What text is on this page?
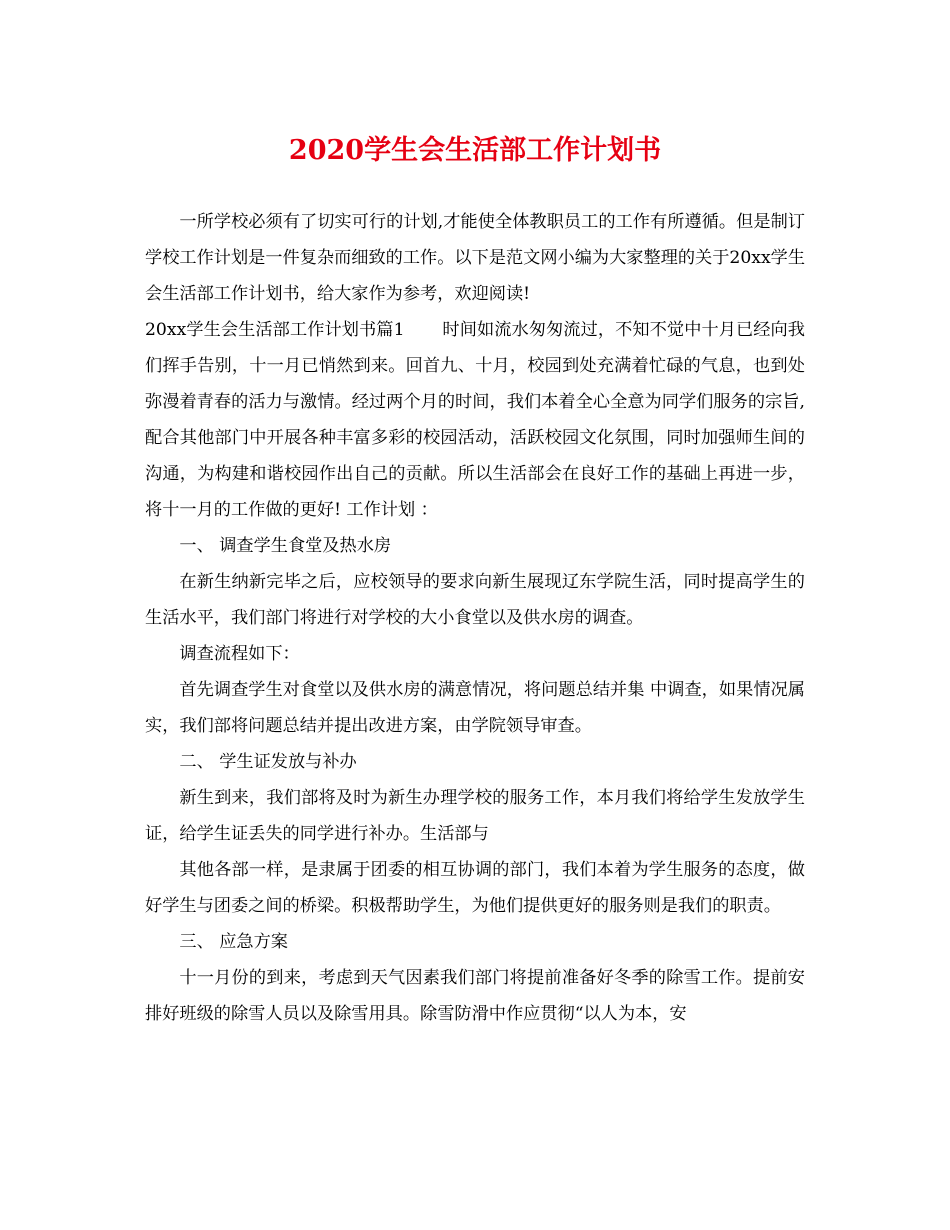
2020学生会生活部工作计划书

一所学校必须有了切实可行的计划,才能使全体教职员工的工作有所遵循。但是制订学校工作计划是一件复杂而细致的工作。以下是范文网小编为大家整理的关于20xx学生会生活部工作计划书，给大家作为参考，欢迎阅读!

20xx学生会生活部工作计划书篇1 时间如流水匆匆流过，不知不觉中十月已经向我们挥手告别，十一月已悄然到来。回首九、十月，校园到处充满着忙碌的气息，也到处弥漫着青春的活力与激情。经过两个月的时间，我们本着全心全意为同学们服务的宗旨,配合其他部门中开展各种丰富多彩的校园活动，活跃校园文化氛围，同时加强师生间的沟通，为构建和谐校园作出自己的贡献。所以生活部会在良好工作的基础上再进一步，将十一月的工作做的更好! 工作计划 ：

一、 调查学生食堂及热水房

在新生纳新完毕之后，应校领导的要求向新生展现辽东学院生活，同时提高学生的生活水平，我们部门将进行对学校的大小食堂以及供水房的调查。

调查流程如下：

首先调查学生对食堂以及供水房的满意情况，将问题总结并集 中调查，如果情况属实，我们部将问题总结并提出改进方案，由学院领导审查。

二、 学生证发放与补办

新生到来，我们部将及时为新生办理学校的服务工作，本月我们将给学生发放学生证，给学生证丢失的同学进行补办。生活部与

其他各部一样，是隶属于团委的相互协调的部门，我们本着为学生服务的态度，做好学生与团委之间的桥梁。积极帮助学生，为他们提供更好的服务则是我们的职责。

三、 应急方案

十一月份的到来，考虑到天气因素我们部门将提前准备好冬季的除雪工作。提前安排好班级的除雪人员以及除雪用具。除雪防滑中作应贯彻“以人为本，安
